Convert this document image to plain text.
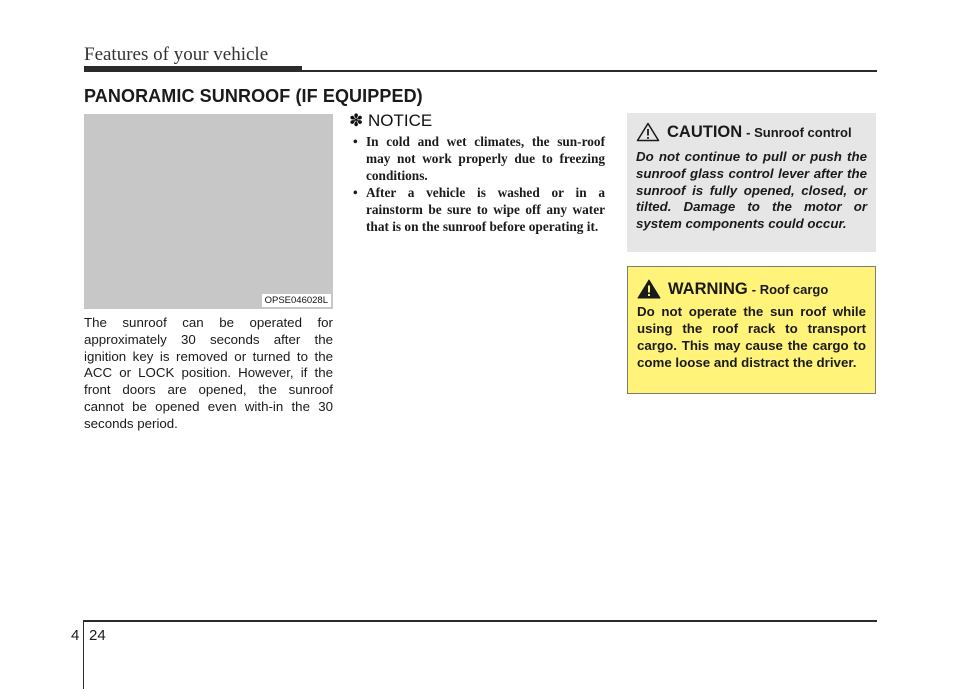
Features of your vehicle
PANORAMIC SUNROOF (IF EQUIPPED)
OPSE046028L

The sunroof can be operated for approximately 30 seconds after the ignition key is removed or turned to the ACC or LOCK position. However, if the front doors are opened, the sunroof cannot be opened even with-in the 30 seconds period.

✽ NOTICE
• In cold and wet climates, the sun-roof may not work properly due to freezing conditions.
• After a vehicle is washed or in a rainstorm be sure to wipe off any water that is on the sunroof before operating it.
CAUTION - Sunroof control

Do not continue to pull or push the sunroof glass control lever after the sunroof is fully opened, closed, or tilted. Damage to the motor or system components could occur.

WARNING - Roof cargo

Do not operate the sun roof while using the roof rack to transport cargo. This may cause the cargo to come loose and distract the driver.

4 24
